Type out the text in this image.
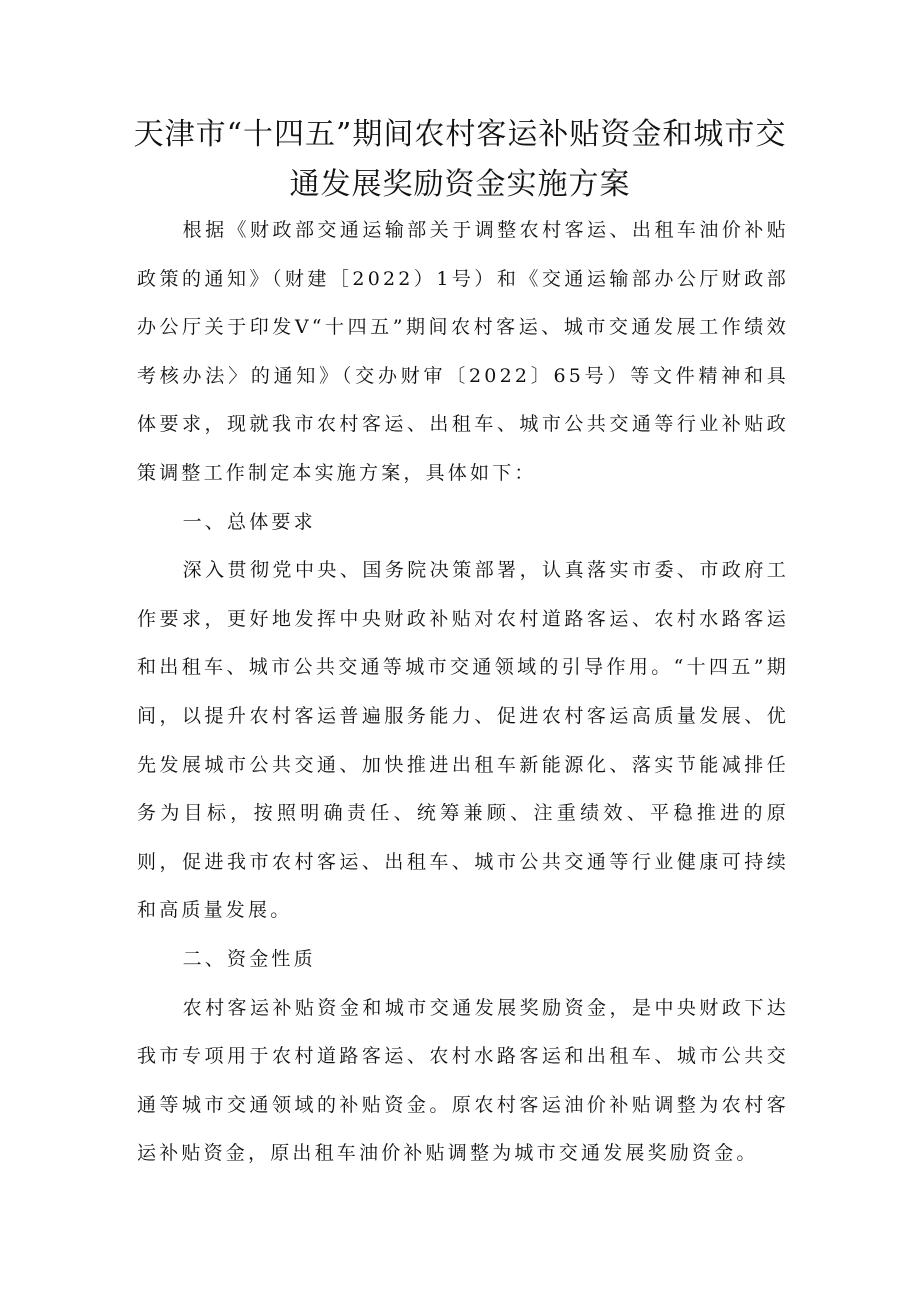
天津市“十四五”期间农村客运补贴资金和城市交通发展奖励资金实施方案

根据《财政部交通运输部关于调整农村客运、出租车油价补贴政策的通知》（财建［2022）1号）和《交通运输部办公厅财政部办公厅关于印发V“十四五”期间农村客运、城市交通发展工作绩效考核办法〉的通知》（交办财审〔2022〕65号）等文件精神和具体要求，现就我市农村客运、出租车、城市公共交通等行业补贴政策调整工作制定本实施方案，具体如下：

一、总体要求

深入贯彻党中央、国务院决策部署，认真落实市委、市政府工作要求，更好地发挥中央财政补贴对农村道路客运、农村水路客运和出租车、城市公共交通等城市交通领域的引导作用。“十四五”期间，以提升农村客运普遍服务能力、促进农村客运高质量发展、优先发展城市公共交通、加快推进出租车新能源化、落实节能减排任务为目标，按照明确责任、统筹兼顾、注重绩效、平稳推进的原则，促进我市农村客运、出租车、城市公共交通等行业健康可持续和高质量发展。

二、资金性质

农村客运补贴资金和城市交通发展奖励资金，是中央财政下达我市专项用于农村道路客运、农村水路客运和出租车、城市公共交通等城市交通领域的补贴资金。原农村客运油价补贴调整为农村客运补贴资金，原出租车油价补贴调整为城市交通发展奖励资金。
